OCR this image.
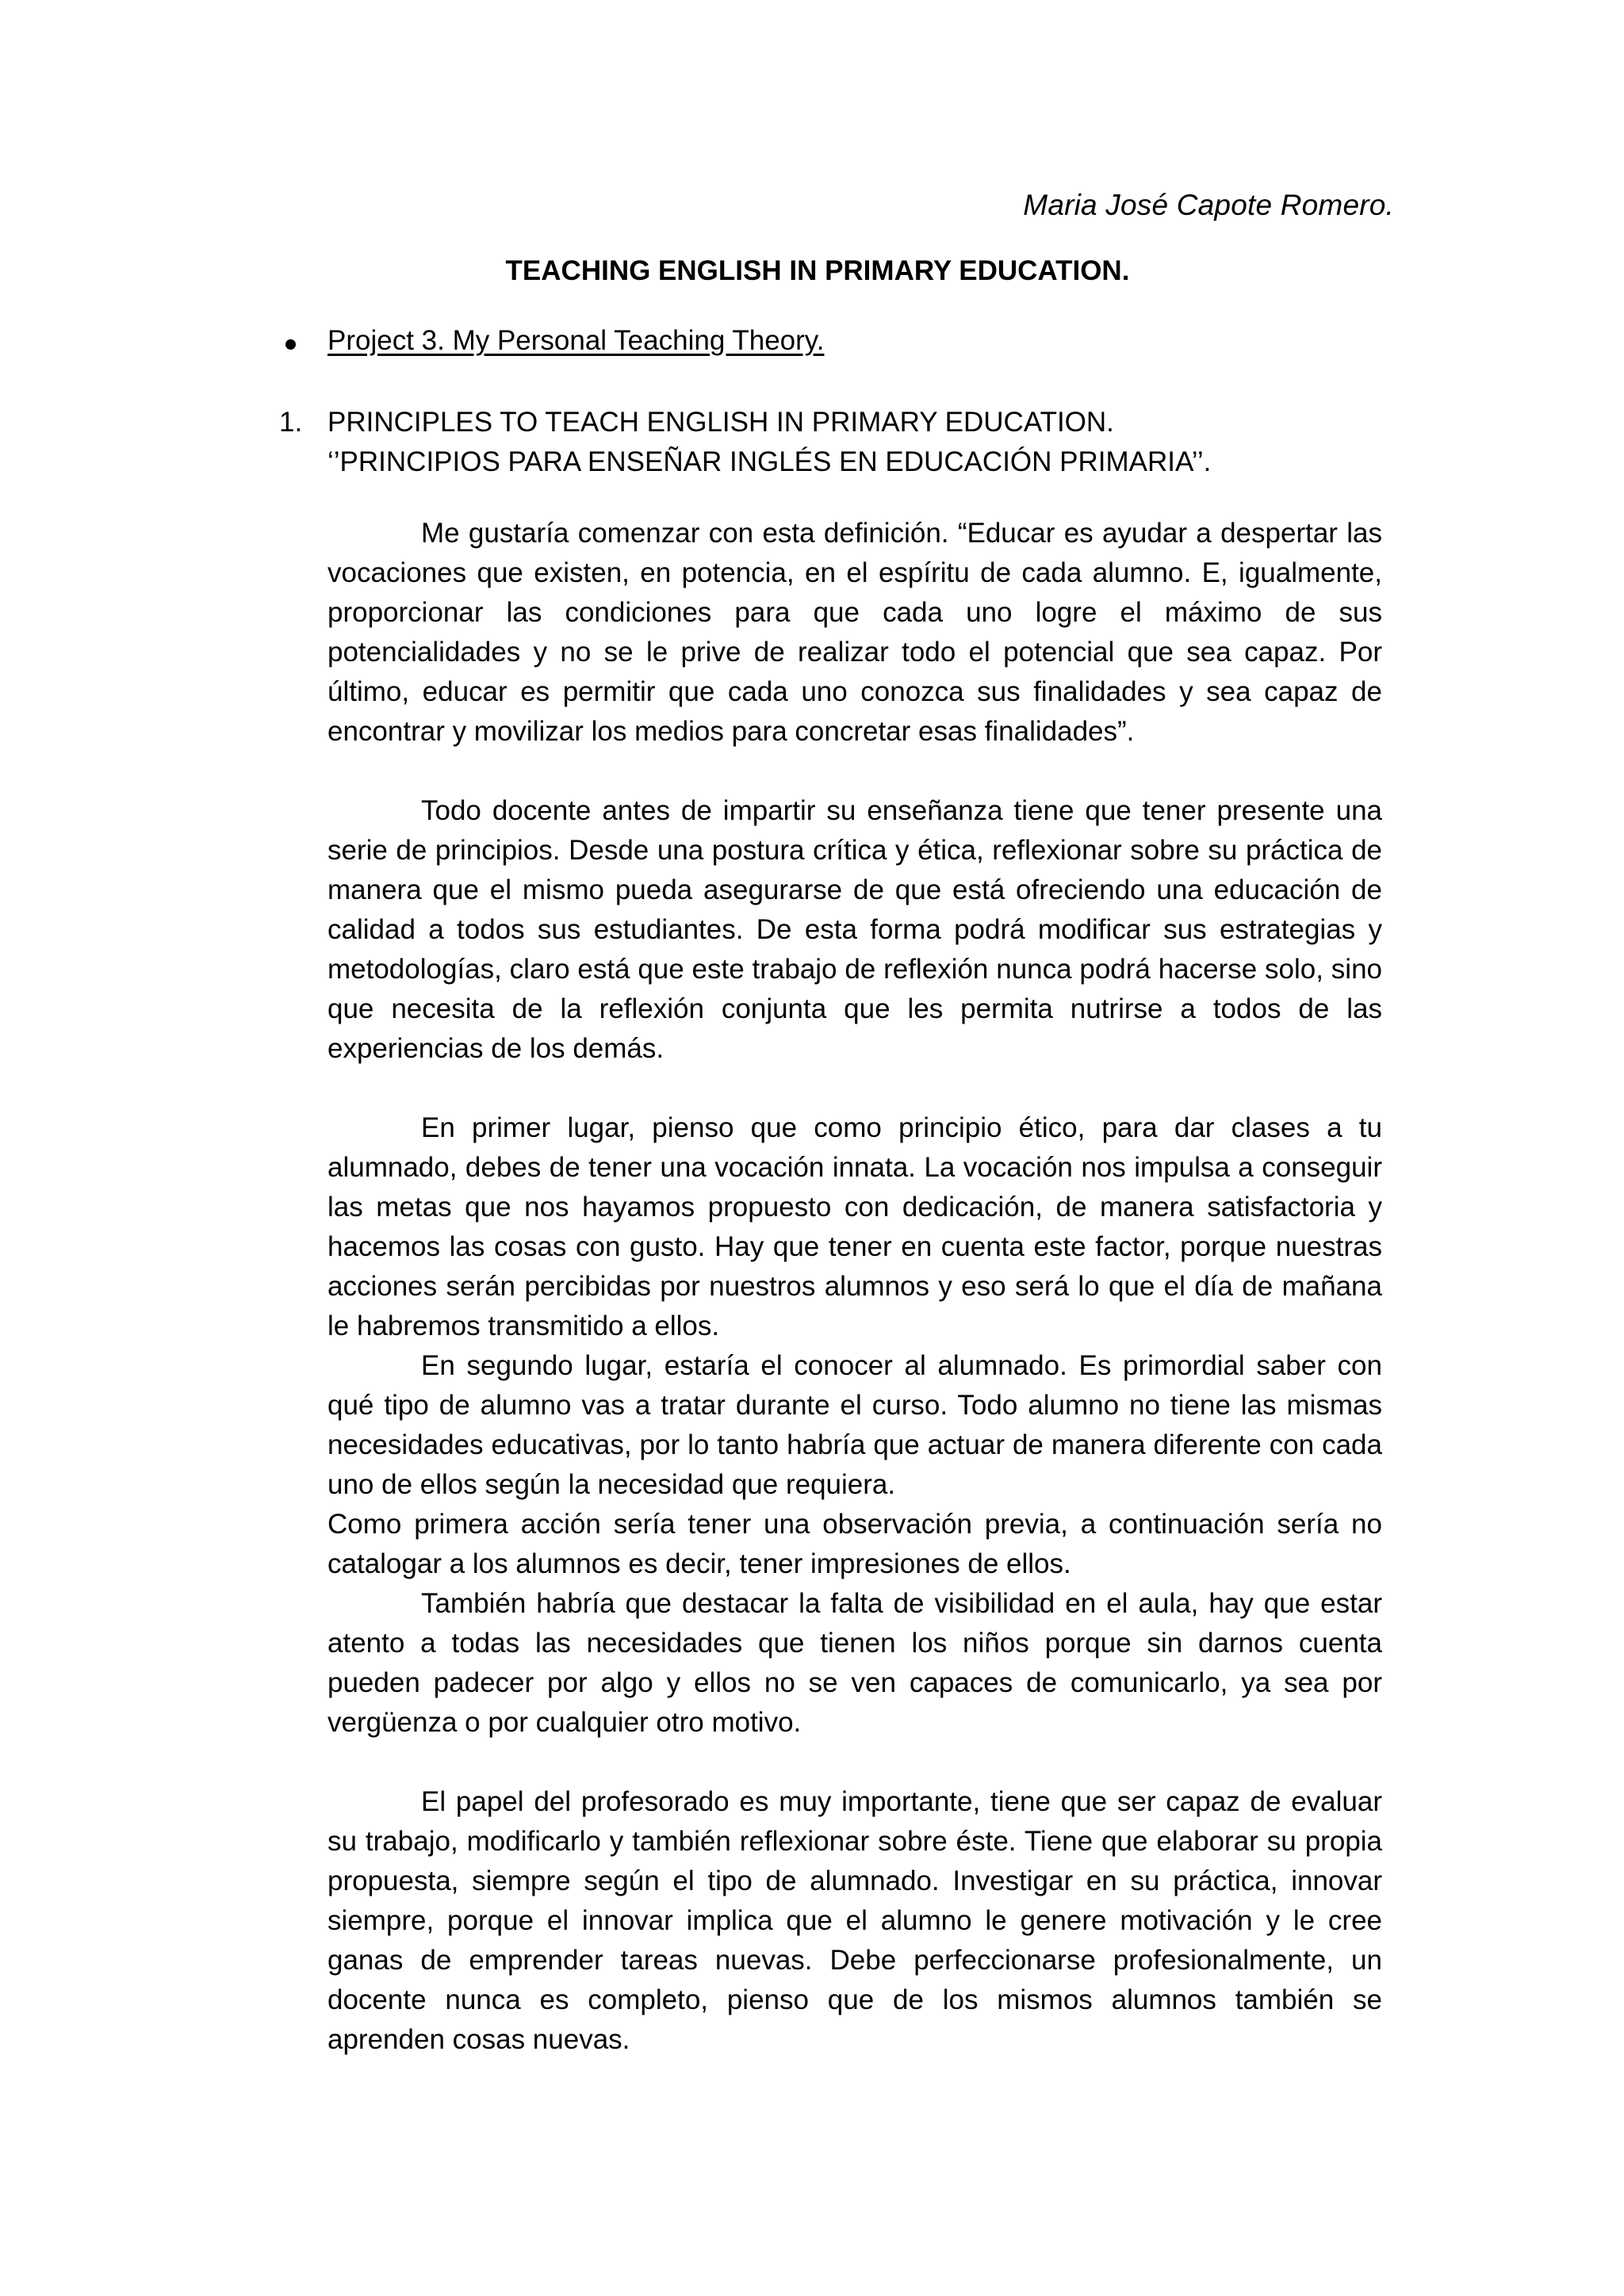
Maria José Capote Romero.
TEACHING ENGLISH IN PRIMARY EDUCATION.
Project 3. My Personal Teaching Theory.
1. PRINCIPLES TO TEACH ENGLISH IN PRIMARY EDUCATION.
‘’PRINCIPIOS PARA ENSEÑAR INGLÉS EN EDUCACIÓN PRIMARIA’’.

Me gustaría comenzar con esta definición. “Educar es ayudar a despertar las vocaciones que existen, en potencia, en el espíritu de cada alumno. E, igualmente, proporcionar las condiciones para que cada uno logre el máximo de sus potencialidades y no se le prive de realizar todo el potencial que sea capaz. Por último, educar es permitir que cada uno conozca sus finalidades y sea capaz de encontrar y movilizar los medios para concretar esas finalidades”.

Todo docente antes de impartir su enseñanza tiene que tener presente una serie de principios. Desde una postura crítica y ética, reflexionar sobre su práctica de manera que el mismo pueda asegurarse de que está ofreciendo una educación de calidad a todos sus estudiantes. De esta forma podrá modificar sus estrategias y metodologías, claro está que este trabajo de reflexión nunca podrá hacerse solo, sino que necesita de la reflexión conjunta que les permita nutrirse a todos de las experiencias de los demás.

En primer lugar, pienso que como principio ético, para dar clases a tu alumnado, debes de tener una vocación innata. La vocación nos impulsa a conseguir las metas que nos hayamos propuesto con dedicación, de manera satisfactoria y hacemos las cosas con gusto. Hay que tener en cuenta este factor, porque nuestras acciones serán percibidas por nuestros alumnos y eso será lo que el día de mañana le habremos transmitido a ellos.

En segundo lugar, estaría el conocer al alumnado. Es primordial saber con qué tipo de alumno vas a tratar durante el curso. Todo alumno no tiene las mismas necesidades educativas, por lo tanto habría que actuar de manera diferente con cada uno de ellos según la necesidad que requiera.

Como primera acción sería tener una observación previa, a continuación sería no catalogar a los alumnos es decir, tener impresiones de ellos.

También habría que destacar la falta de visibilidad en el aula, hay que estar atento a todas las necesidades que tienen los niños porque sin darnos cuenta pueden padecer por algo y ellos no se ven capaces de comunicarlo, ya sea por vergüenza o por cualquier otro motivo.

El papel del profesorado es muy importante, tiene que ser capaz de evaluar su trabajo, modificarlo y también reflexionar sobre éste. Tiene que elaborar su propia propuesta, siempre según el tipo de alumnado. Investigar en su práctica, innovar siempre, porque el innovar implica que el alumno le genere motivación y le cree ganas de emprender tareas nuevas. Debe perfeccionarse profesionalmente, un docente nunca es completo, pienso que de los mismos alumnos también se aprenden cosas nuevas.
